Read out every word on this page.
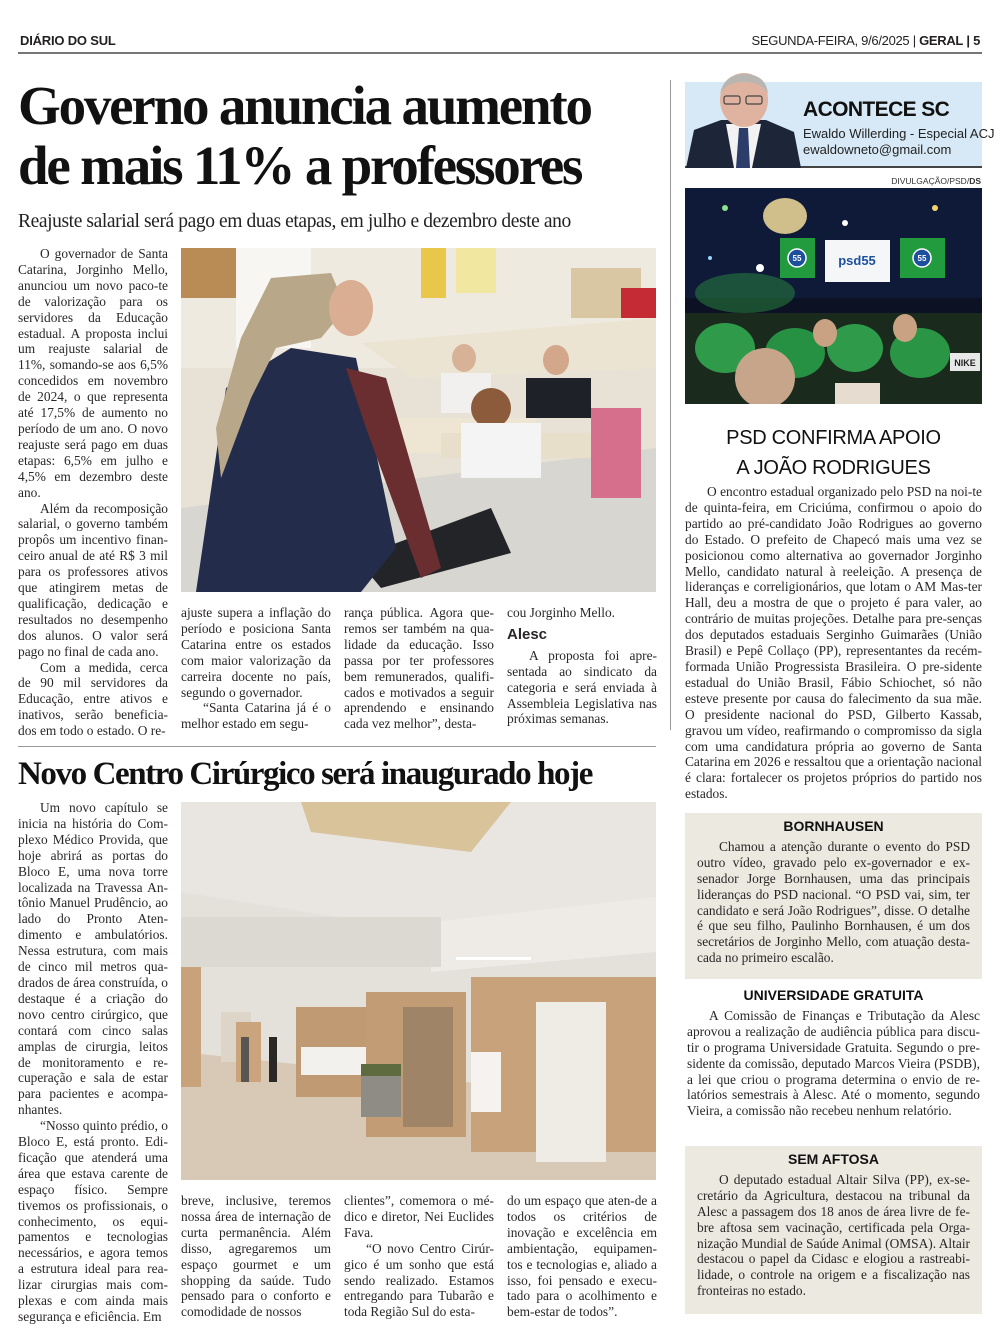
DIÁRIO DO SUL	SEGUNDA-FEIRA, 9/6/2025 | GERAL | 5
Governo anuncia aumento
de mais 11% a professores
Reajuste salarial será pago em duas etapas, em julho e dezembro deste ano

O governador de Santa Catarina, Jorginho Mello, anunciou um novo paco-te de valorização para os servidores da Educação estadual. A proposta inclui um reajuste salarial de 11%, somando-se aos 6,5% concedidos em novembro de 2024, o que representa até 17,5% de aumento no período de um ano. O novo reajuste será pago em duas etapas: 6,5% em julho e 4,5% em dezembro deste ano.

Além da recomposição salarial, o governo também propôs um incentivo finan-ceiro anual de até R$ 3 mil para os professores ativos que atingirem metas de qualificação, dedicação e resultados no desempenho dos alunos. O valor será pago no final de cada ano.

Com a medida, cerca de 90 mil servidores da Educação, entre ativos e inativos, serão beneficia-dos em todo o estado. O re-

ajuste supera a inflação do período e posiciona Santa Catarina entre os estados com maior valorização da carreira docente no país, segundo o governador.

“Santa Catarina já é o melhor estado em segu-

rança pública. Agora que-remos ser também na qua-lidade da educação. Isso passa por ter professores bem remunerados, qualifi-cados e motivados a seguir aprendendo e ensinando cada vez melhor”, desta-

cou Jorginho Mello.

Alesc

A proposta foi apre-sentada ao sindicato da categoria e será enviada à Assembleia Legislativa nas próximas semanas.

Novo Centro Cirúrgico será inaugurado hoje

Um novo capítulo se inicia na história do Com-plexo Médico Provida, que hoje abrirá as portas do Bloco E, uma nova torre localizada na Travessa An-tônio Manuel Prudêncio, ao lado do Pronto Aten-dimento e ambulatórios. Nessa estrutura, com mais de cinco mil metros qua-drados de área construída, o destaque é a criação do novo centro cirúrgico, que contará com cinco salas amplas de cirurgia, leitos de monitoramento e re-cuperação e sala de estar para pacientes e acompa-nhantes.

“Nosso quinto prédio, o Bloco E, está pronto. Edi-ficação que atenderá uma área que estava carente de espaço físico. Sempre tivemos os profissionais, o conhecimento, os equi-pamentos e tecnologias necessários, e agora temos a estrutura ideal para rea-lizar cirurgias mais com-plexas e com ainda mais segurança e eficiência. Em

breve, inclusive, teremos nossa área de internação de curta permanência. Além disso, agregaremos um espaço gourmet e um shopping da saúde. Tudo pensado para o conforto e comodidade de nossos

clientes”, comemora o mé-dico e diretor, Nei Euclides Fava.

“O novo Centro Cirúr-gico é um sonho que está sendo realizado. Estamos entregando para Tubarão e toda Região Sul do esta-

do um espaço que aten-de a todos os critérios de inovação e excelência em ambientação, equipamen-tos e tecnologias e, aliado a isso, foi pensado e execu-tado para o acolhimento e bem-estar de todos”.

ACONTECE SC
Ewaldo Willerding - Especial ACJ
ewaldowneto@gmail.com
DIVULGAÇÃO/PSD/DS
55	psd55	55
NIKE
PSD CONFIRMA APOIO
A JOÃO RODRIGUES

O encontro estadual organizado pelo PSD na noi-te de quinta-feira, em Criciúma, confirmou o apoio do partido ao pré-candidato João Rodrigues ao governo do Estado. O prefeito de Chapecó mais uma vez se posicionou como alternativa ao governador Jorginho Mello, candidato natural à reeleição. A presença de lideranças e correligionários, que lotam o AM Mas-ter Hall, deu a mostra de que o projeto é para valer, ao contrário de muitas projeções. Detalhe para pre-senças dos deputados estaduais Serginho Guimarães (União Brasil) e Pepê Collaço (PP), representantes da recém-formada União Progressista Brasileira. O pre-sidente estadual do União Brasil, Fábio Schiochet, só não esteve presente por causa do falecimento da sua mãe. O presidente nacional do PSD, Gilberto Kassab, gravou um vídeo, reafirmando o compromisso da sigla com uma candidatura própria ao governo de Santa Catarina em 2026 e ressaltou que a orientação nacional é clara: fortalecer os projetos próprios do partido nos estados.

BORNHAUSEN

Chamou a atenção durante o evento do PSD outro vídeo, gravado pelo ex-governador e ex-senador Jorge Bornhausen, uma das principais lideranças do PSD nacional. “O PSD vai, sim, ter candidato e será João Rodrigues”, disse. O detalhe é que seu filho, Paulinho Bornhausen, é um dos secretários de Jorginho Mello, com atuação desta-cada no primeiro escalão.

UNIVERSIDADE GRATUITA

A Comissão de Finanças e Tributação da Alesc aprovou a realização de audiência pública para discu-tir o programa Universidade Gratuita. Segundo o pre-sidente da comissão, deputado Marcos Vieira (PSDB), a lei que criou o programa determina o envio de re-latórios semestrais à Alesc. Até o momento, segundo Vieira, a comissão não recebeu nenhum relatório.

SEM AFTOSA

O deputado estadual Altair Silva (PP), ex-se-cretário da Agricultura, destacou na tribunal da Alesc a passagem dos 18 anos de área livre de fe-bre aftosa sem vacinação, certificada pela Orga-nização Mundial de Saúde Animal (OMSA). Altair destacou o papel da Cidasc e elogiou a rastreabi-lidade, o controle na origem e a fiscalização nas fronteiras no estado.
